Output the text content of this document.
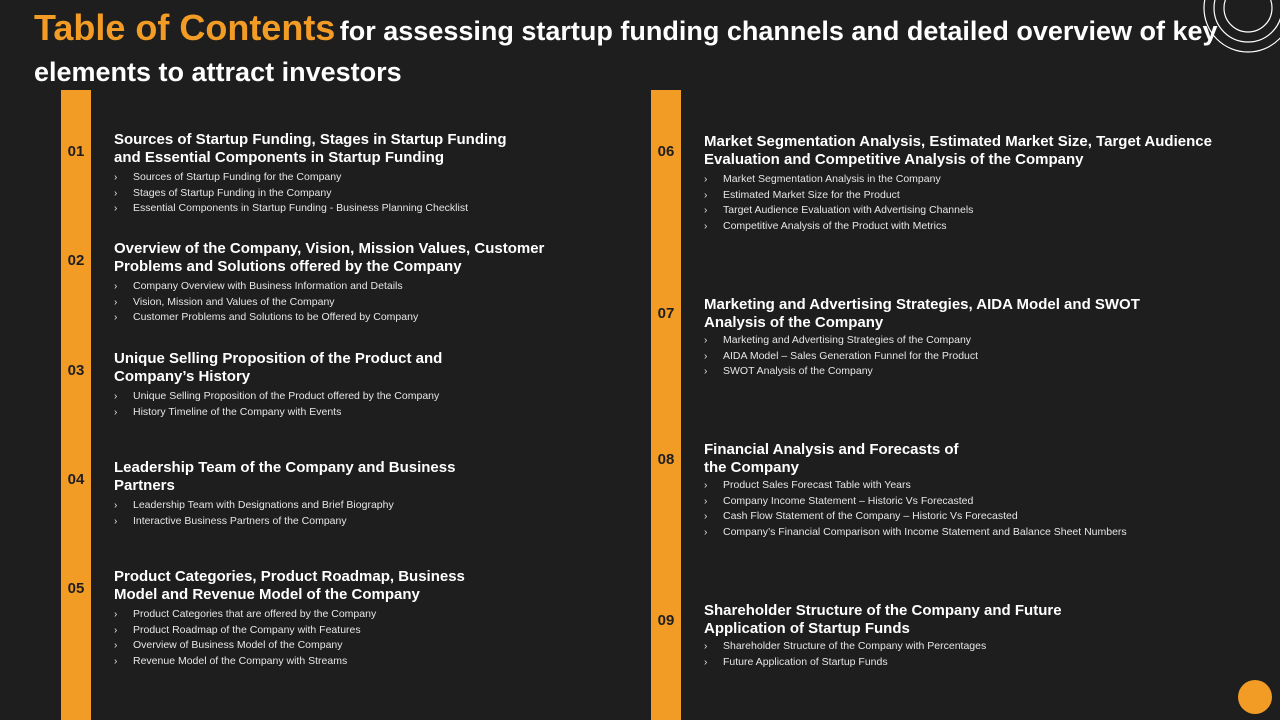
Table of Contents for assessing startup funding channels and detailed overview of key elements to attract investors
01
Sources of Startup Funding, Stages in Startup Funding and Essential Components in Startup Funding
› Sources of Startup Funding for the Company
› Stages of Startup Funding in the Company
› Essential Components in Startup Funding - Business Planning Checklist
02
Overview of the Company, Vision, Mission Values, Customer Problems and Solutions offered by the Company
› Company Overview with Business Information and Details
› Vision, Mission and Values of the Company
› Customer Problems and Solutions to be Offered by Company
03
Unique Selling Proposition of the Product and Company’s History
› Unique Selling Proposition of the Product offered by the Company
› History Timeline of the Company with Events
04
Leadership Team of the Company and Business Partners
› Leadership Team with Designations and Brief Biography
› Interactive Business Partners of the Company
05
Product Categories, Product Roadmap, Business Model and Revenue Model of the Company
› Product Categories that are offered by the Company
› Product Roadmap of the Company with Features
› Overview of Business Model of the Company
› Revenue Model of the Company with Streams
06
Market Segmentation Analysis, Estimated Market Size, Target Audience Evaluation and Competitive Analysis of the Company
› Market Segmentation Analysis in the Company
› Estimated Market Size for the Product
› Target Audience Evaluation with Advertising Channels
› Competitive Analysis of the Product with Metrics
07
Marketing and Advertising Strategies, AIDA Model and SWOT Analysis of the Company
› Marketing and Advertising Strategies of the Company
› AIDA Model – Sales Generation Funnel for the Product
› SWOT Analysis of the Company
08
Financial Analysis and Forecasts of the Company
› Product Sales Forecast Table with Years
› Company Income Statement – Historic Vs Forecasted
› Cash Flow Statement of the Company – Historic Vs Forecasted
› Company’s Financial Comparison with Income Statement and Balance Sheet Numbers
09
Shareholder Structure of the Company and Future Application of Startup Funds
› Shareholder Structure of the Company with Percentages
› Future Application of Startup Funds
